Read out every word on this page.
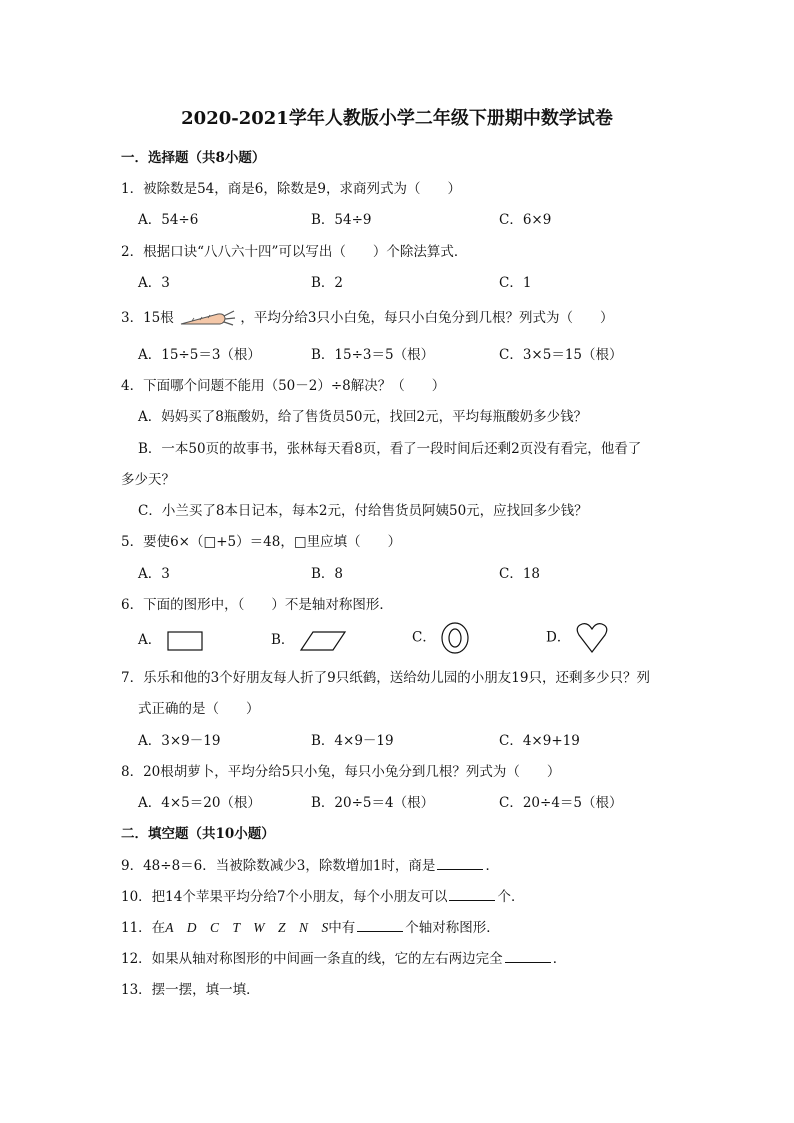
2020-2021学年人教版小学二年级下册期中数学试卷
一．选择题（共8小题）
1．被除数是54，商是6，除数是9，求商列式为（　　）
A．54÷6	B．54÷9	C．6×9
2．根据口诀“八八六十四”可以写出（　　）个除法算式．
A．3	B．2	C．1
3．15根	，平均分给3只小白兔，每只小白兔分到几根？列式为（　　）
A．15÷5＝3（根）	B．15÷3＝5（根）	C．3×5＝15（根）
4．下面哪个问题不能用（50－2）÷8解决？（　　）
A．妈妈买了8瓶酸奶，给了售货员50元，找回2元，平均每瓶酸奶多少钱？
B．一本50页的故事书，张林每天看8页，看了一段时间后还剩2页没有看完，他看了
多少天？
C．小兰买了8本日记本，每本2元，付给售货员阿姨50元，应找回多少钱？
5．要使6×（□+5）＝48，□里应填（　　）
A．3	B．8	C．18
6．下面的图形中，（　　）不是轴对称图形．
A．	B．	C．	D．
7．乐乐和他的3个好朋友每人折了9只纸鹤，送给幼儿园的小朋友19只，还剩多少只？列
式正确的是（　　）
A．3×9－19	B．4×9－19	C．4×9+19
8．20根胡萝卜，平均分给5只小兔，每只小兔分到几根？列式为（　　）
A．4×5＝20（根）	B．20÷5＝4（根）	C．20÷4＝5（根）
二．填空题（共10小题）
9．48÷8＝6．当被除数减少3，除数增加1时，商是	．
10．把14个苹果平均分给7个小朋友，每个小朋友可以	个．
11．在A　D　C　T　W　Z　N　S中有	个轴对称图形．
12．如果从轴对称图形的中间画一条直的线，它的左右两边完全	．
13．摆一摆，填一填．
